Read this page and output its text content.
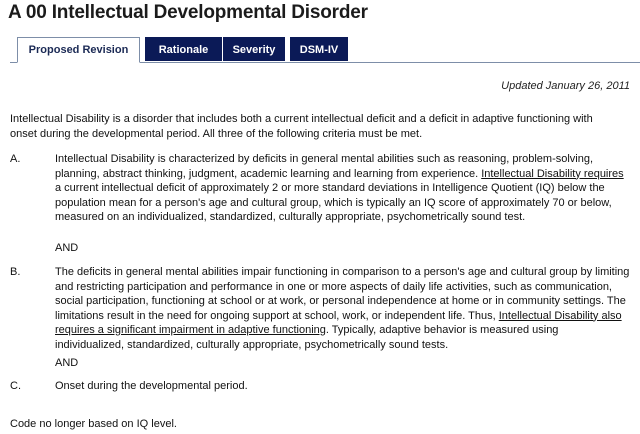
A 00 Intellectual Developmental Disorder
Proposed Revision	Rationale	Severity	DSM-IV
Updated January 26, 2011
Intellectual Disability is a disorder that includes both a current intellectual deficit and a deficit in adaptive functioning with onset during the developmental period. All three of the following criteria must be met.
A.	Intellectual Disability is characterized by deficits in general mental abilities such as reasoning, problem-solving, planning, abstract thinking, judgment, academic learning and learning from experience. Intellectual Disability requires a current intellectual deficit of approximately 2 or more standard deviations in Intelligence Quotient (IQ) below the population mean for a person's age and cultural group, which is typically an IQ score of approximately 70 or below, measured on an individualized, standardized, culturally appropriate, psychometrically sound test.
AND
B.	The deficits in general mental abilities impair functioning in comparison to a person's age and cultural group by limiting and restricting participation and performance in one or more aspects of daily life activities, such as communication, social participation, functioning at school or at work, or personal independence at home or in community settings. The limitations result in the need for ongoing support at school, work, or independent life. Thus, Intellectual Disability also requires a significant impairment in adaptive functioning. Typically, adaptive behavior is measured using individualized, standardized, culturally appropriate, psychometrically sound tests.
AND
C.	Onset during the developmental period.
Code no longer based on IQ level.
